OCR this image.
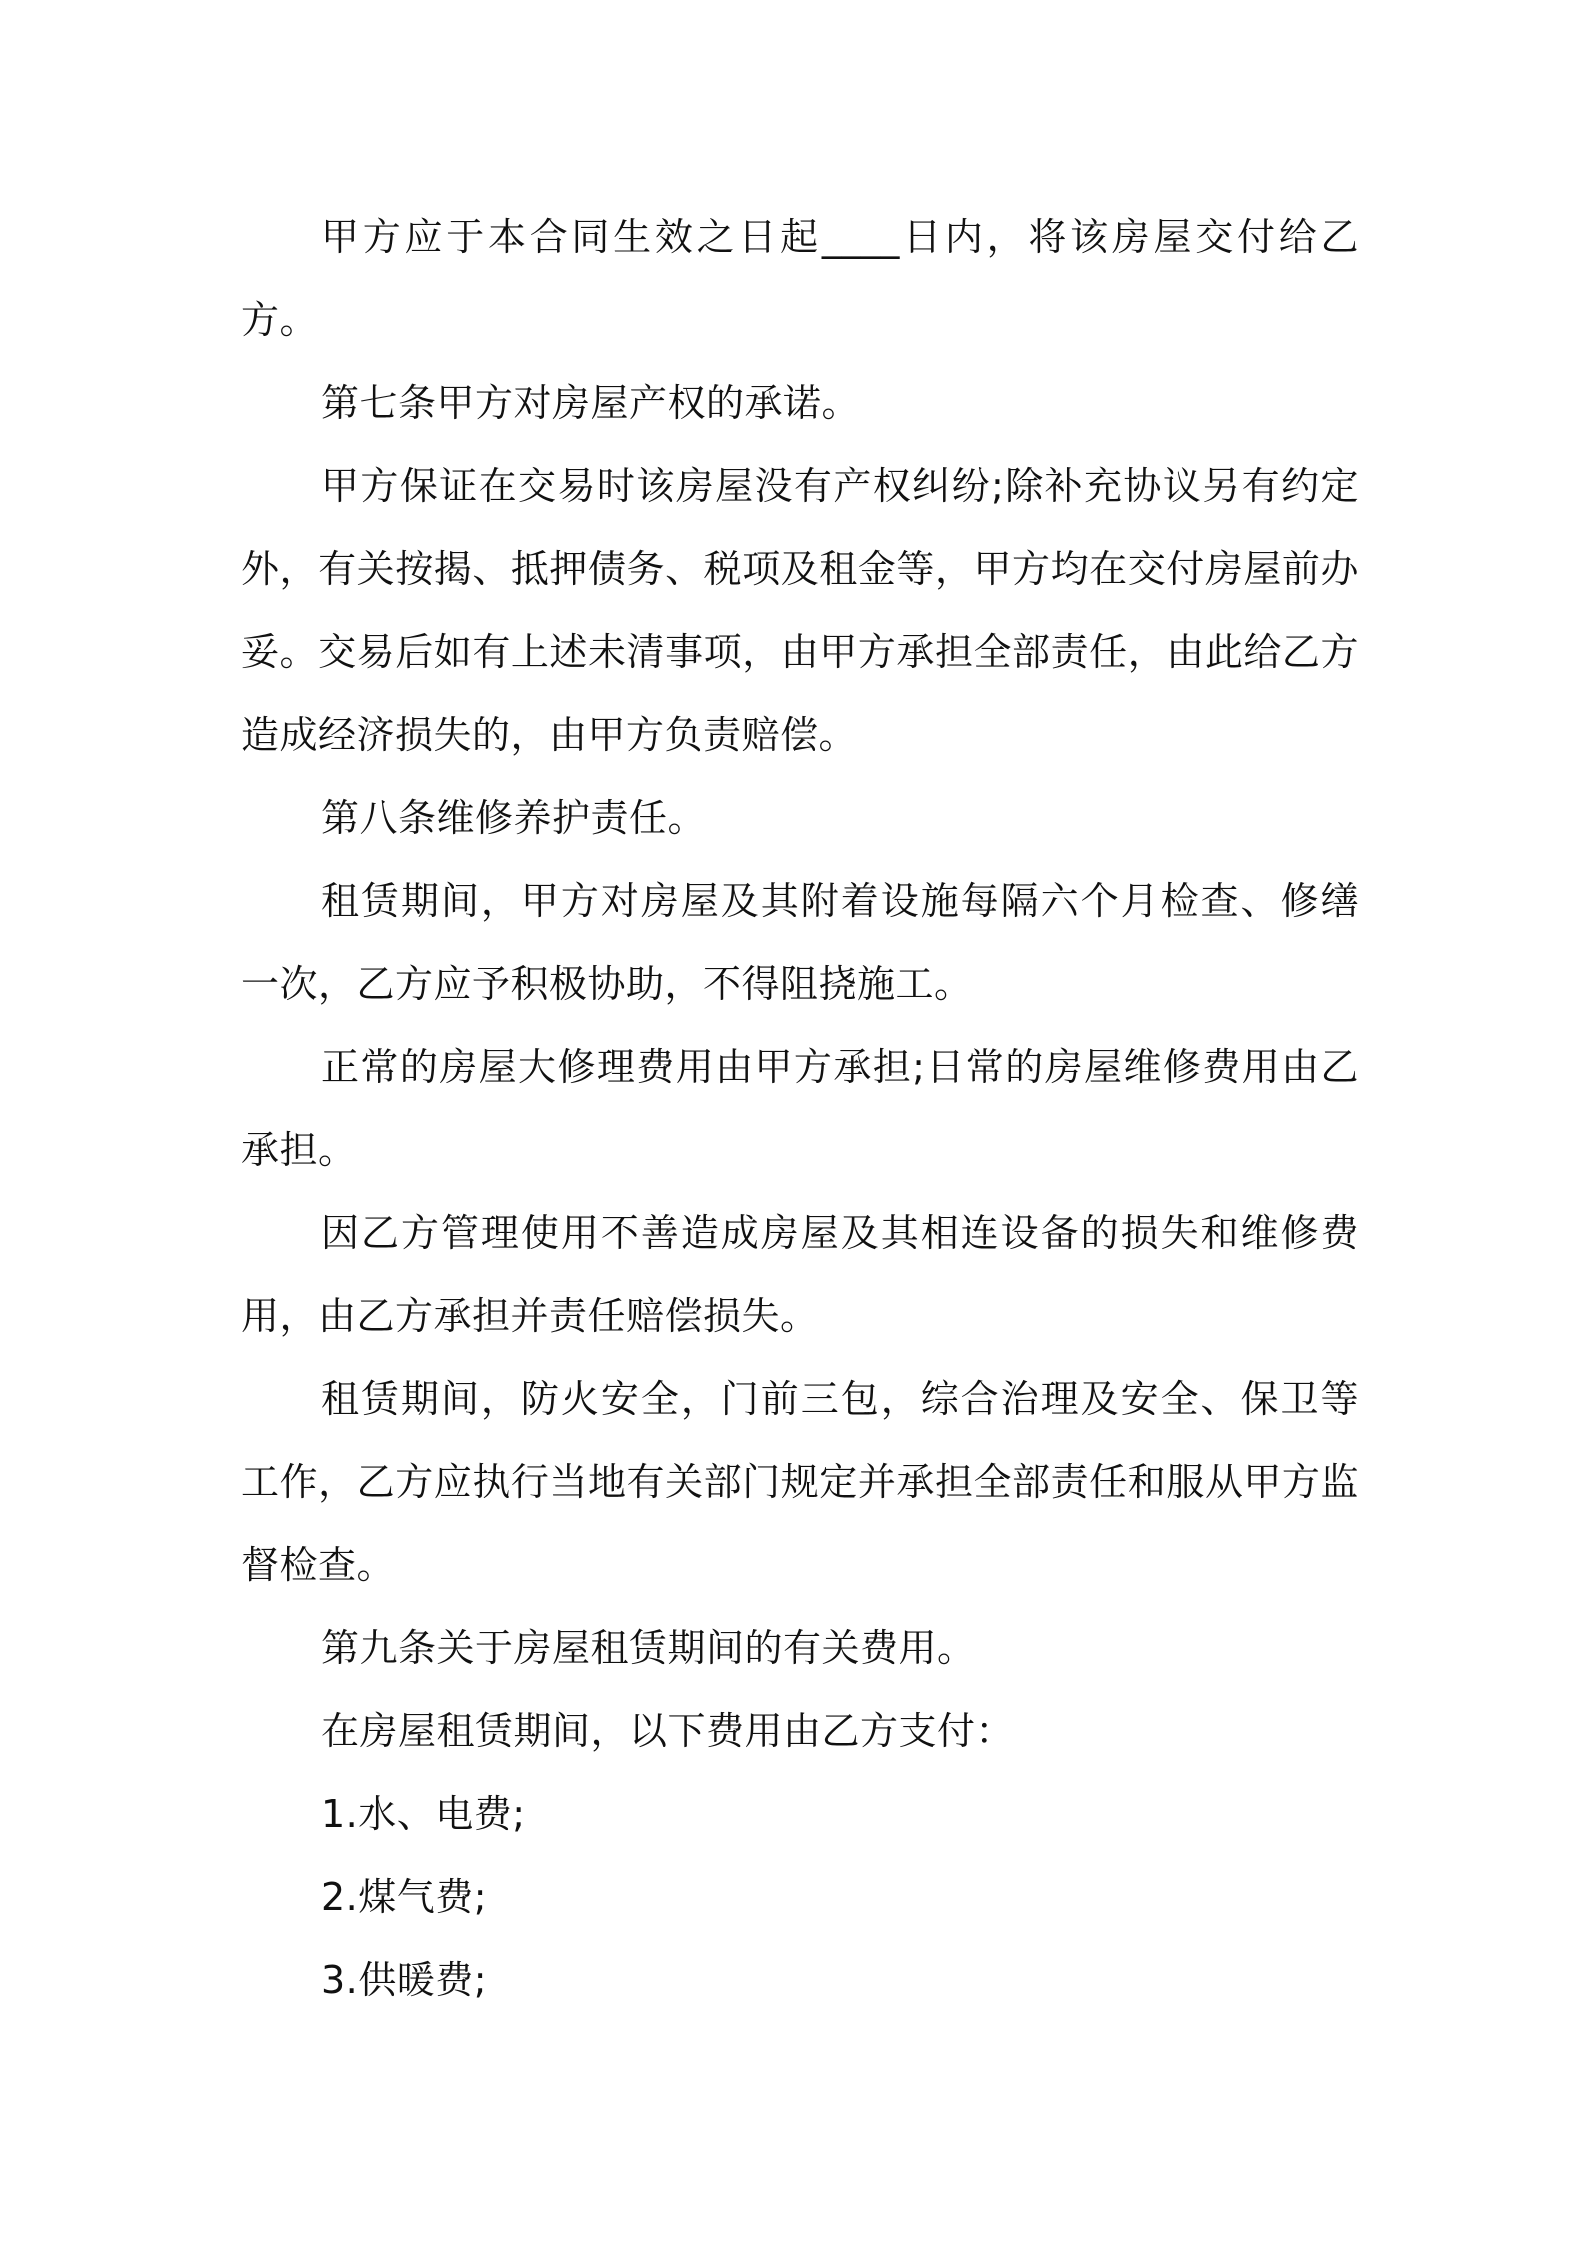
甲方应于本合同生效之日起____日内，将该房屋交付给乙方。

第七条甲方对房屋产权的承诺。

甲方保证在交易时该房屋没有产权纠纷;除补充协议另有约定外，有关按揭、抵押债务、税项及租金等，甲方均在交付房屋前办妥。交易后如有上述未清事项，由甲方承担全部责任，由此给乙方造成经济损失的，由甲方负责赔偿。

第八条维修养护责任。

租赁期间，甲方对房屋及其附着设施每隔六个月检查、修缮一次，乙方应予积极协助，不得阻挠施工。

正常的房屋大修理费用由甲方承担;日常的房屋维修费用由乙承担。

因乙方管理使用不善造成房屋及其相连设备的损失和维修费用，由乙方承担并责任赔偿损失。

租赁期间，防火安全，门前三包，综合治理及安全、保卫等工作，乙方应执行当地有关部门规定并承担全部责任和服从甲方监督检查。

第九条关于房屋租赁期间的有关费用。

在房屋租赁期间，以下费用由乙方支付：

1.水、电费;

2.煤气费;

3.供暖费;
